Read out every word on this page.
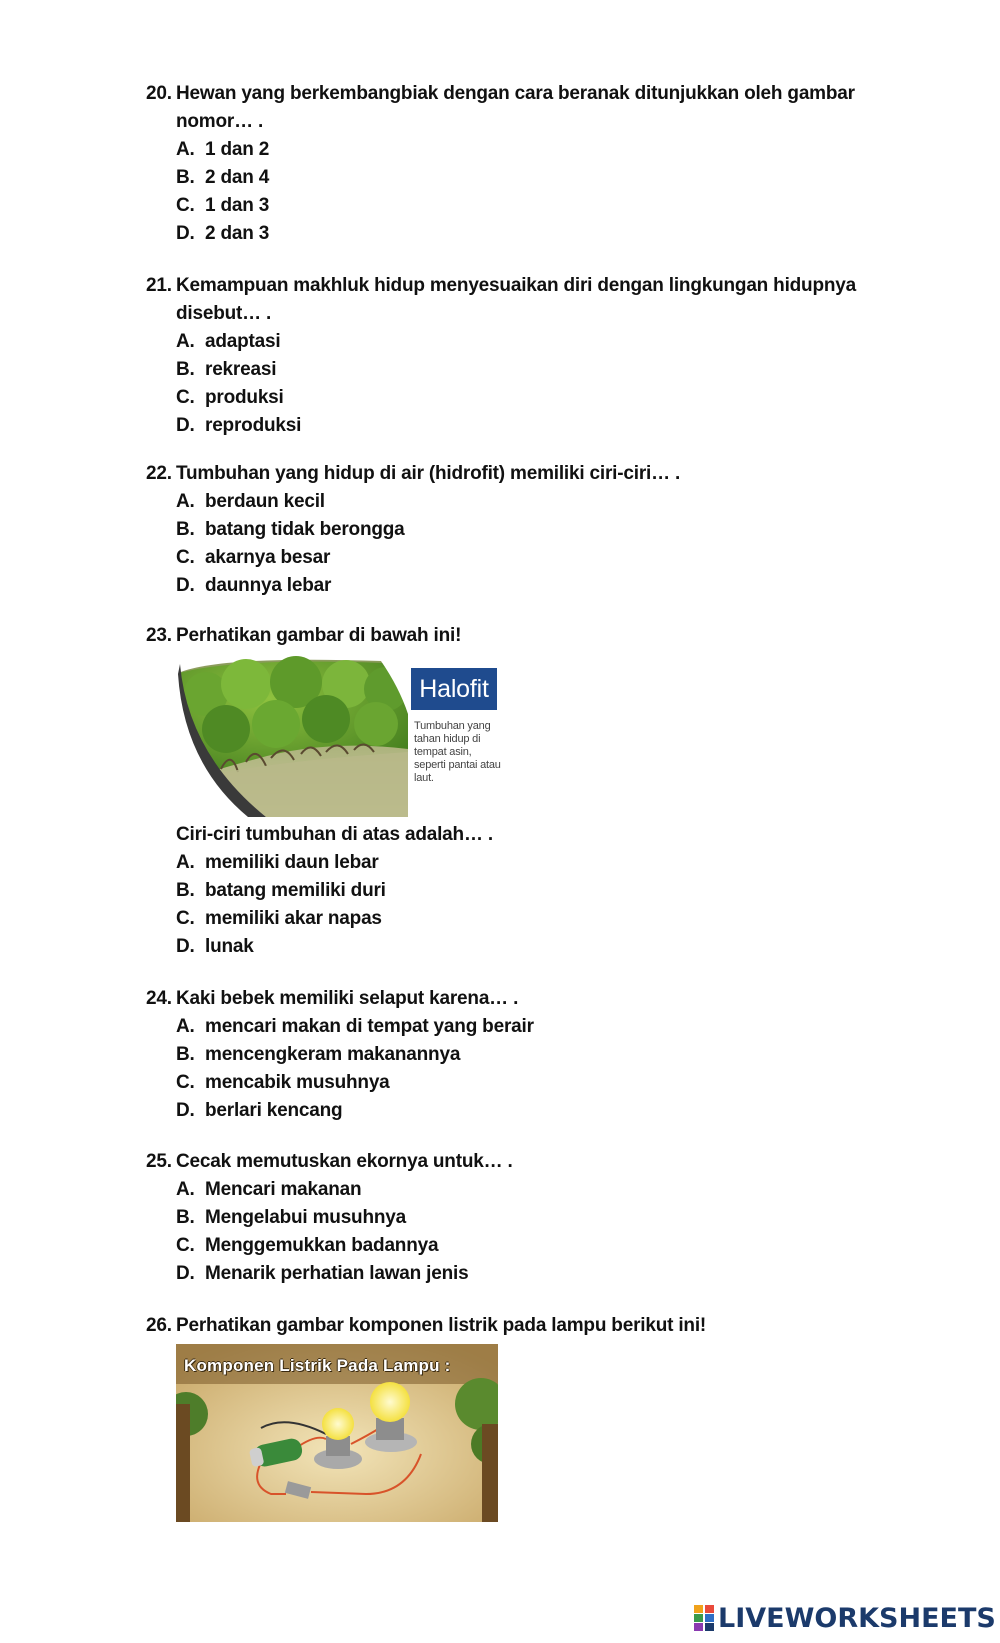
20. Hewan yang berkembangbiak dengan cara beranak ditunjukkan oleh gambar nomor… .
A. 1 dan 2
B. 2 dan 4
C. 1 dan 3
D. 2 dan 3
21. Kemampuan makhluk hidup menyesuaikan diri dengan lingkungan hidupnya disebut… .
A. adaptasi
B. rekreasi
C. produksi
D. reproduksi
22. Tumbuhan yang hidup di air (hidrofit) memiliki ciri-ciri… .
A. berdaun kecil
B. batang tidak berongga
C. akarnya besar
D. daunnya lebar
23. Perhatikan gambar di bawah ini!
Halofit
Tumbuhan yang tahan hidup di tempat asin, seperti pantai atau laut.
Ciri-ciri tumbuhan di atas adalah… .
A. memiliki daun lebar
B. batang memiliki duri
C. memiliki akar napas
D. lunak
24. Kaki bebek memiliki selaput karena… .
A. mencari makan di tempat yang berair
B. mencengkeram makanannya
C. mencabik musuhnya
D. berlari kencang
25. Cecak memutuskan ekornya untuk… .
A. Mencari makanan
B. Mengelabui musuhnya
C. Menggemukkan badannya
D. Menarik perhatian lawan jenis
26. Perhatikan gambar komponen listrik pada lampu berikut ini!
Komponen Listrik Pada Lampu :
LIVEWORKSHEETS
